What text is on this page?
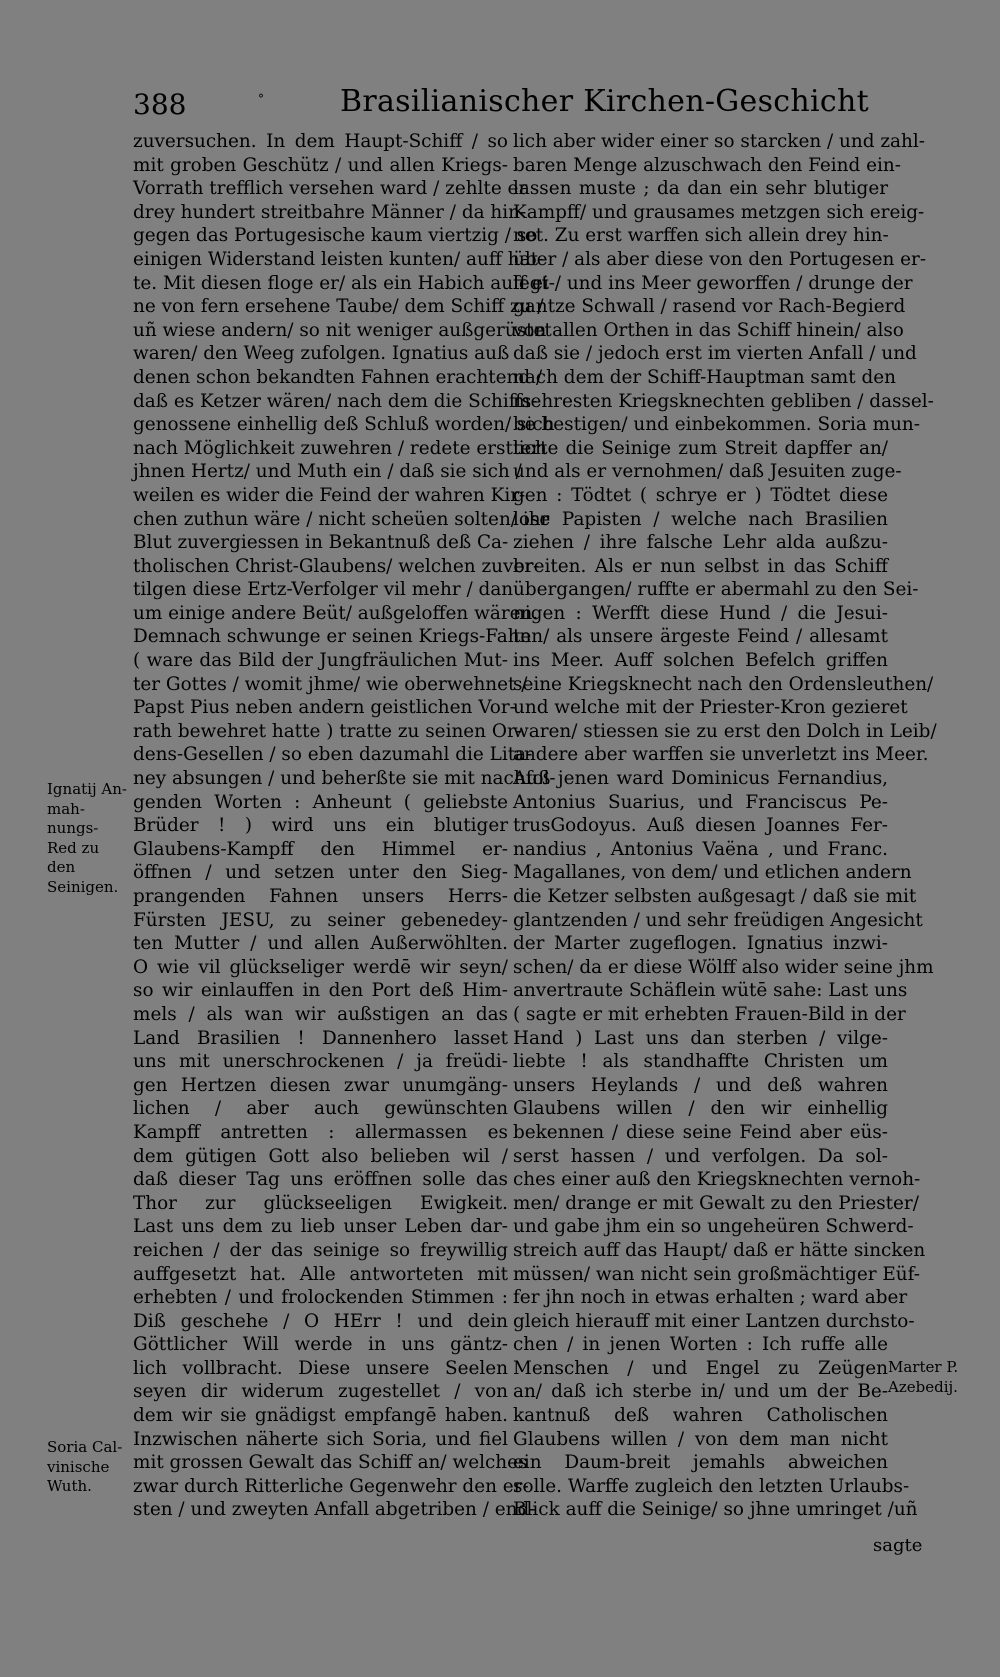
388	°	Brasilianischer Kirchen-Geschicht
zuversuchen. In dem Haupt-Schiff / so
mit groben Geschütz / und allen Kriegs-
Vorrath trefflich versehen ward / zehlte er
drey hundert streitbahre Männer / da hin-
gegen das Portugesische kaum viertzig / so
einigen Widerstand leisten kunten/ auff hat-
te. Mit diesen floge er/ als ein Habich auff ei-
ne von fern ersehene Taube/ dem Schiff zu /
uñ wiese andern/ so nit weniger außgerüstet
waren/ den Weeg zufolgen. Ignatius auß
denen schon bekandten Fahnen erachtend /
daß es Ketzer wären/ nach dem die Schiffs-
genossene einhellig deß Schluß worden/ sich
nach Möglichkeit zuwehren / redete erstlich
jhnen Hertz/ und Muth ein / daß sie sich /
weilen es wider die Feind der wahren Kir-
chen zuthun wäre / nicht scheüen solten/ ihr
Blut zuvergiessen in Bekantnuß deß Ca-
tholischen Christ-Glaubens/ welchen zuver-
tilgen diese Ertz-Verfolger vil mehr / dan
um einige andere Beüt/ außgeloffen wären.
Demnach schwunge er seinen Kriegs-Fahn
( ware das Bild der Jungfräulichen Mut-
ter Gottes / womit jhme/ wie oberwehnet /
Papst Pius neben andern geistlichen Vor-
rath bewehret hatte ) tratte zu seinen Or-
dens-Gesellen / so eben dazumahl die Lita-
ney absungen / und beherßte sie mit nachfol-
genden Worten : Anheunt ( geliebste
Brüder ! ) wird uns ein blutiger
Glaubens-Kampff den Himmel er-
öffnen / und setzen unter den Sieg-
prangenden Fahnen unsers Herrs-
Fürsten JESU, zu seiner gebenedey-
ten Mutter / und allen Außerwöhlten.
O wie vil glückseliger werdē wir seyn/
so wir einlauffen in den Port deß Him-
mels / als wan wir außstigen an das
Land Brasilien ! Dannenhero lasset
uns mit unerschrockenen / ja freüdi-
gen Hertzen diesen zwar unumgäng-
lichen / aber auch gewünschten
Kampff antretten : allermassen es
dem gütigen Gott also belieben wil /
daß dieser Tag uns eröffnen solle das
Thor zur glückseeligen Ewigkeit.
Last uns dem zu lieb unser Leben dar-
reichen / der das seinige so freywillig
auffgesetzt hat. Alle antworteten mit
erhebten / und frolockenden Stimmen :
Diß geschehe / O HErr ! und dein
Göttlicher Will werde in uns gäntz-
lich vollbracht. Diese unsere Seelen
seyen dir widerum zugestellet / von
dem wir sie gnädigst empfangē haben.
Inzwischen näherte sich Soria, und fiel
mit grossen Gewalt das Schiff an/ welches
zwar durch Ritterliche Gegenwehr den er-
sten / und zweyten Anfall abgetriben / end-
lich aber wider einer so starcken / und zahl-
baren Menge alzuschwach den Feind ein-
lassen muste ; da dan ein sehr blutiger
Kampff/ und grausames metzgen sich ereig-
net. Zu erst warffen sich allein drey hin-
über / als aber diese von den Portugesen er-
legt / und ins Meer geworffen / drunge der
gantze Schwall / rasend vor Rach-Begierd
von allen Orthen in das Schiff hinein/ also
daß sie / jedoch erst im vierten Anfall / und
nach dem der Schiff-Hauptman samt den
mehresten Kriegsknechten gebliben / dassel-
be bestigen/ und einbekommen. Soria mun-
terte die Seinige zum Streit dapffer an/
und als er vernohmen/ daß Jesuiten zuge-
gen : Tödtet ( schrye er ) Tödtet diese
lose Papisten / welche nach Brasilien
ziehen / ihre falsche Lehr alda außzu-
breiten. Als er nun selbst in das Schiff
übergangen/ ruffte er abermahl zu den Sei-
nigen : Werfft diese Hund / die Jesui-
ten/ als unsere ärgeste Feind / allesamt
ins Meer. Auff solchen Befelch griffen
seine Kriegsknecht nach den Ordensleuthen/
und welche mit der Priester-Kron gezieret
waren/ stiessen sie zu erst den Dolch in Leib/
andere aber warffen sie unverletzt ins Meer.
Auß jenen ward Dominicus Fernandius,
Antonius Suarius, und Franciscus Pe-
trusGodoyus. Auß diesen Joannes Fer-
nandius , Antonius Vaëna , und Franc.
Magallanes, von dem/ und etlichen andern
die Ketzer selbsten außgesagt / daß sie mit
glantzenden / und sehr freüdigen Angesicht
der Marter zugeflogen. Ignatius inzwi-
schen/ da er diese Wölff also wider seine jhm
anvertraute Schäflein wütē sahe: Last uns
( sagte er mit erhebten Frauen-Bild in der
Hand ) Last uns dan sterben / vilge-
liebte ! als standhaffte Christen um
unsers Heylands / und deß wahren
Glaubens willen / den wir einhellig
bekennen / diese seine Feind aber eüs-
serst hassen / und verfolgen. Da sol-
ches einer auß den Kriegsknechten vernoh-
men/ drange er mit Gewalt zu den Priester/
und gabe jhm ein so ungeheüren Schwerd-
streich auff das Haupt/ daß er hätte sincken
müssen/ wan nicht sein großmächtiger Eüf-
fer jhn noch in etwas erhalten ; ward aber
gleich hierauff mit einer Lantzen durchsto-
chen / in jenen Worten : Ich ruffe alle
Menschen / und Engel zu Zeügen
an/ daß ich sterbe in/ und um der Be-
kantnuß deß wahren Catholischen
Glaubens willen / von dem man nicht
ein Daum-breit jemahls abweichen
solle. Warffe zugleich den letzten Urlaubs-
Blick auff die Seinige/ so jhne umringet /uñ
Ignatij An-
mah-
nungs-
Red zu den
Seinigen.
Soria Cal-
vinische
Wuth.
Marter P.
Azebedij.
sagte
